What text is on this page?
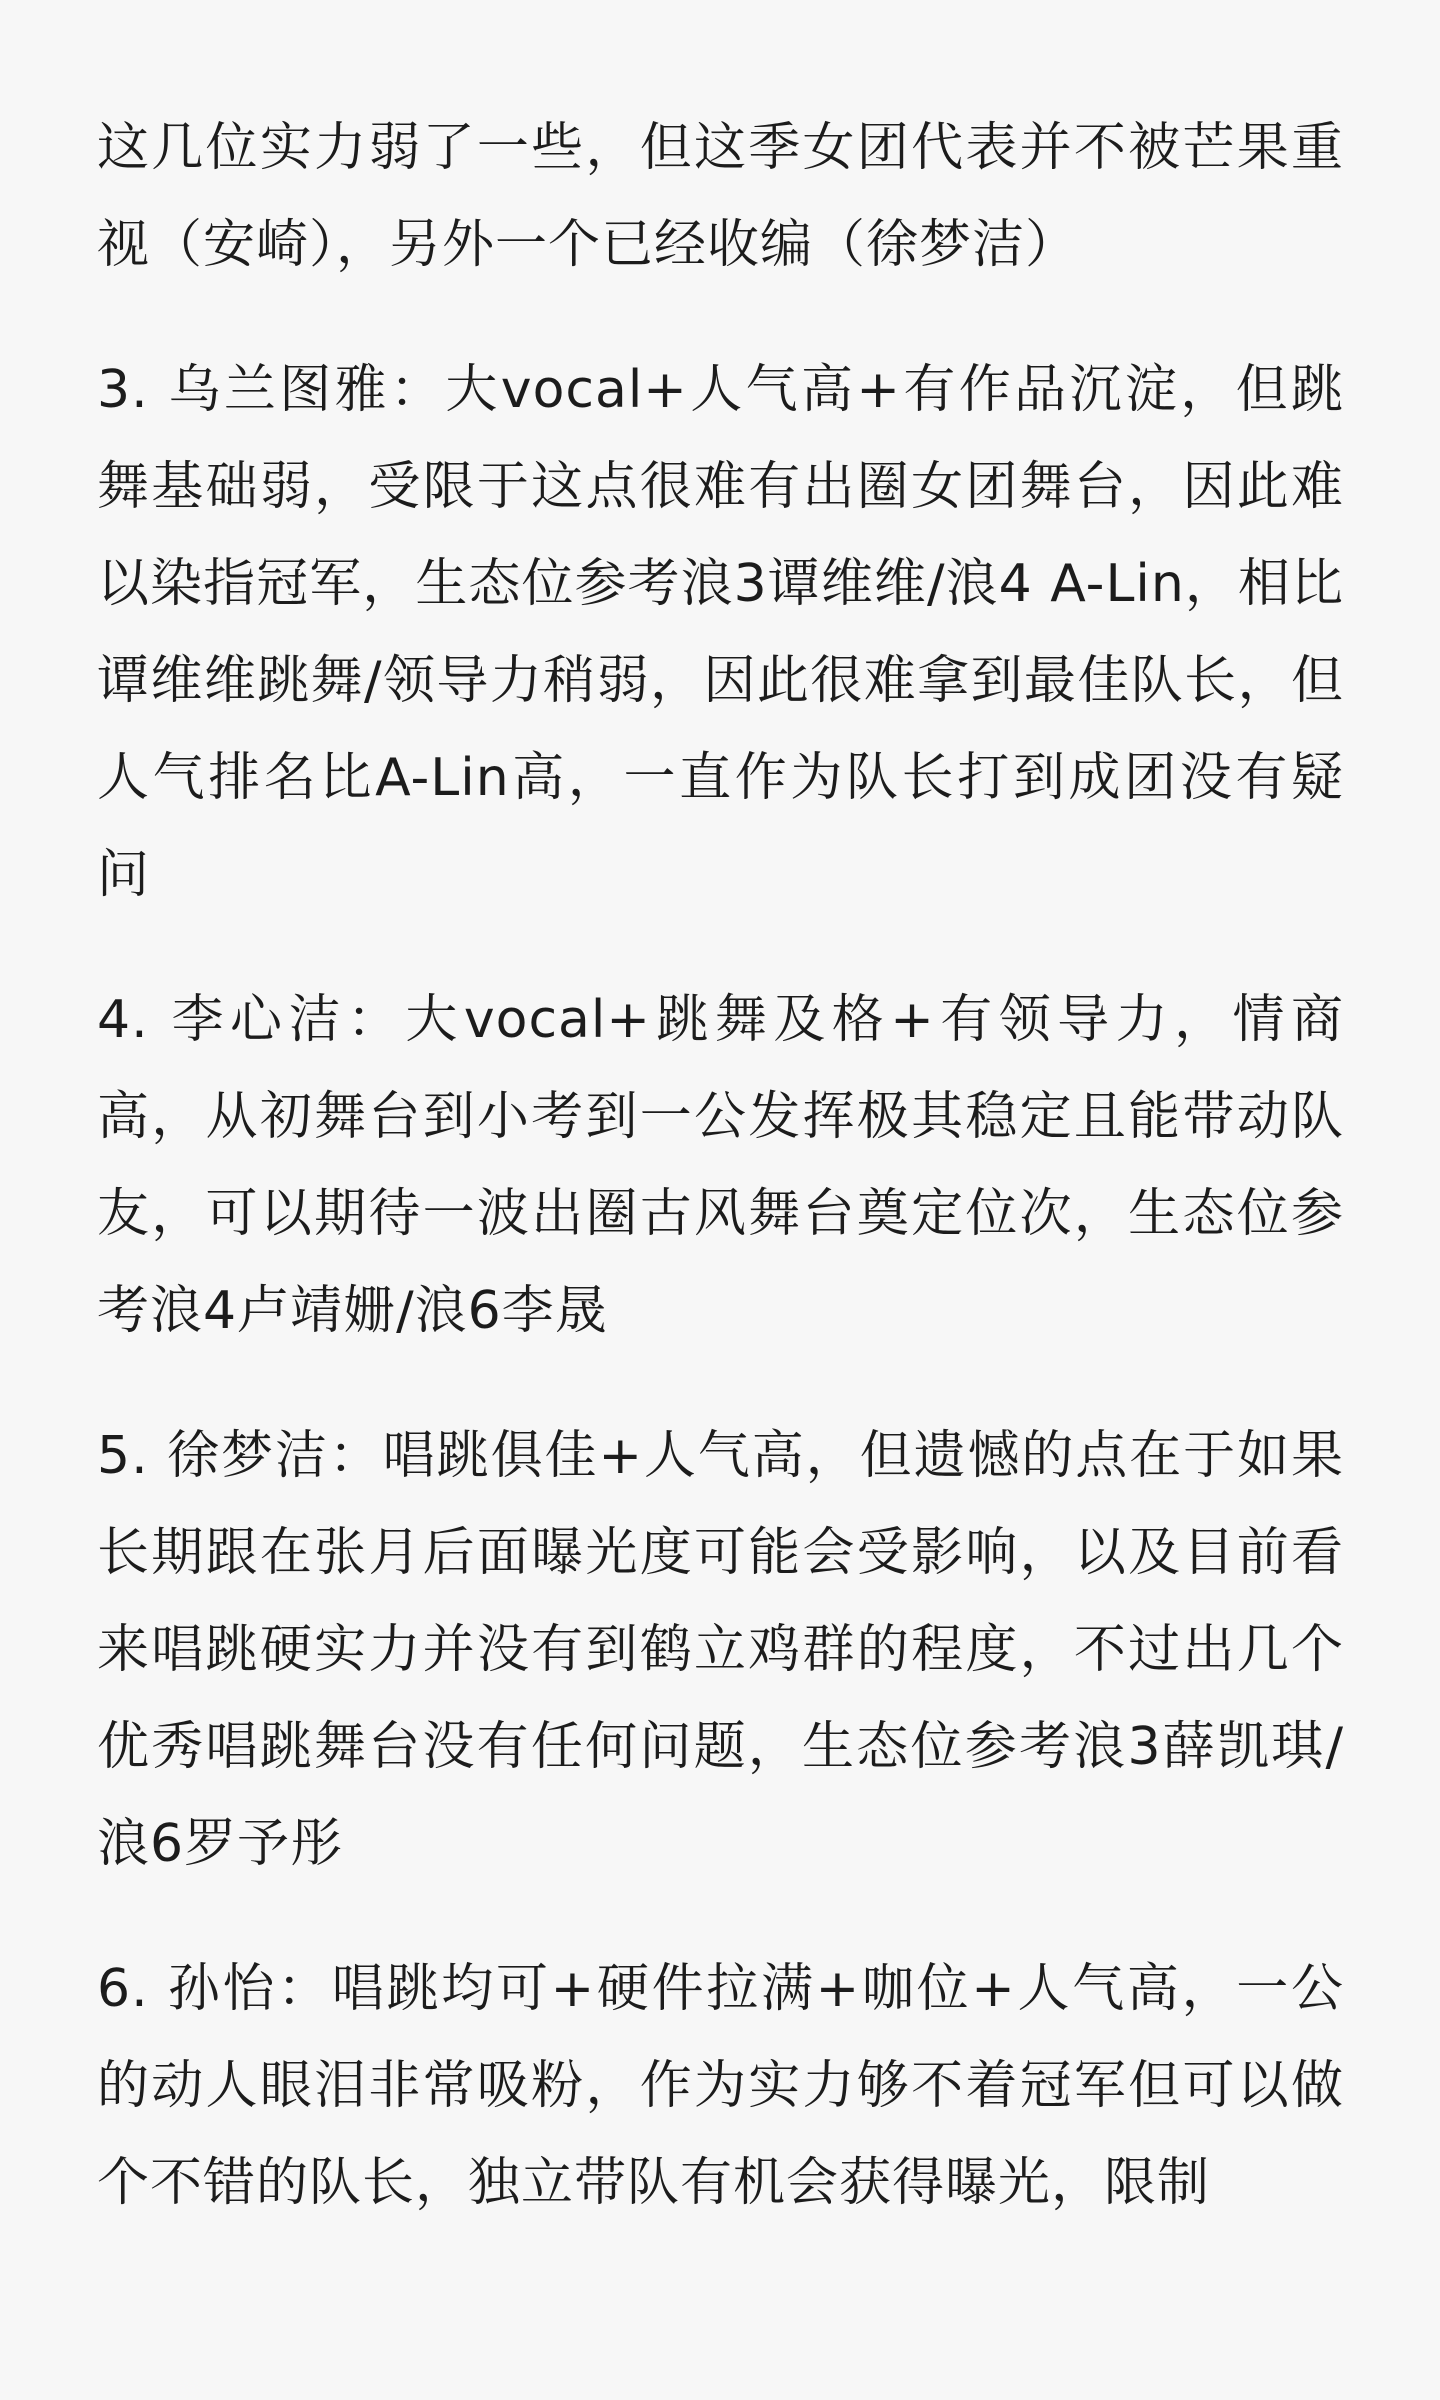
这几位实力弱了一些，但这季女团代表并不被芒果重视（安崎），另外一个已经收编（徐梦洁）

3. 乌兰图雅：大vocal+人气高+有作品沉淀，但跳舞基础弱，受限于这点很难有出圈女团舞台，因此难以染指冠军，生态位参考浪3谭维维/浪4 A-Lin，相比谭维维跳舞/领导力稍弱，因此很难拿到最佳队长，但人气排名比A-Lin高，一直作为队长打到成团没有疑问

4. 李心洁：大vocal+跳舞及格+有领导力，情商高，从初舞台到小考到一公发挥极其稳定且能带动队友，可以期待一波出圈古风舞台奠定位次，生态位参考浪4卢靖姗/浪6李晟

5. 徐梦洁：唱跳俱佳+人气高，但遗憾的点在于如果长期跟在张月后面曝光度可能会受影响，以及目前看来唱跳硬实力并没有到鹤立鸡群的程度，不过出几个优秀唱跳舞台没有任何问题，生态位参考浪3薛凯琪/浪6罗予彤

6. 孙怡：唱跳均可+硬件拉满+咖位+人气高，一公的动人眼泪非常吸粉，作为实力够不着冠军但可以做个不错的队长，独立带队有机会获得曝光，限制
